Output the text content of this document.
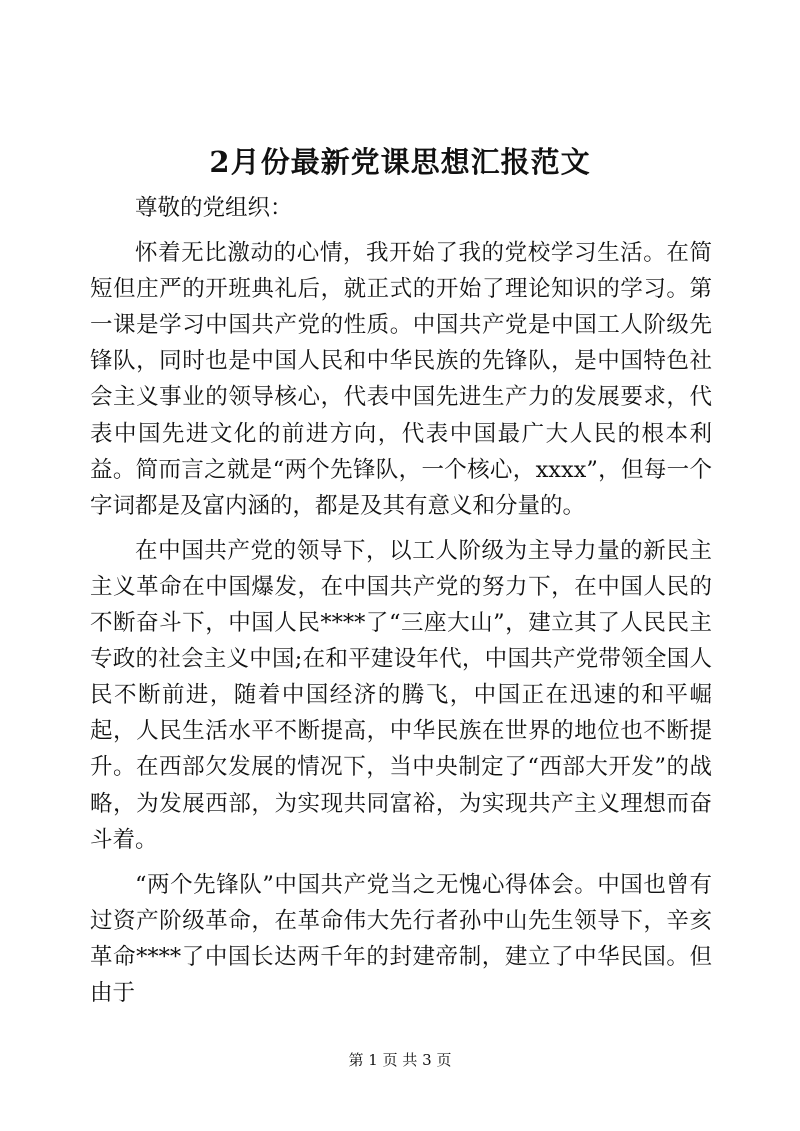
2月份最新党课思想汇报范文

尊敬的党组织：

怀着无比激动的心情，我开始了我的党校学习生活。在简短但庄严的开班典礼后，就正式的开始了理论知识的学习。第一课是学习中国共产党的性质。中国共产党是中国工人阶级先锋队，同时也是中国人民和中华民族的先锋队，是中国特色社会主义事业的领导核心，代表中国先进生产力的发展要求，代表中国先进文化的前进方向，代表中国最广大人民的根本利益。简而言之就是“两个先锋队，一个核心，xxxx”，但每一个字词都是及富内涵的，都是及其有意义和分量的。

在中国共产党的领导下，以工人阶级为主导力量的新民主主义革命在中国爆发，在中国共产党的努力下，在中国人民的不断奋斗下，中国人民****了“三座大山”，建立其了人民民主专政的社会主义中国;在和平建设年代，中国共产党带领全国人民不断前进，随着中国经济的腾飞，中国正在迅速的和平崛起，人民生活水平不断提高，中华民族在世界的地位也不断提升。在西部欠发展的情况下，当中央制定了“西部大开发”的战略，为发展西部，为实现共同富裕，为实现共产主义理想而奋斗着。

“两个先锋队”中国共产党当之无愧心得体会。中国也曾有过资产阶级革命，在革命伟大先行者孙中山先生领导下，辛亥革命****了中国长达两千年的封建帝制，建立了中华民国。但由于

第 1 页 共 3 页
